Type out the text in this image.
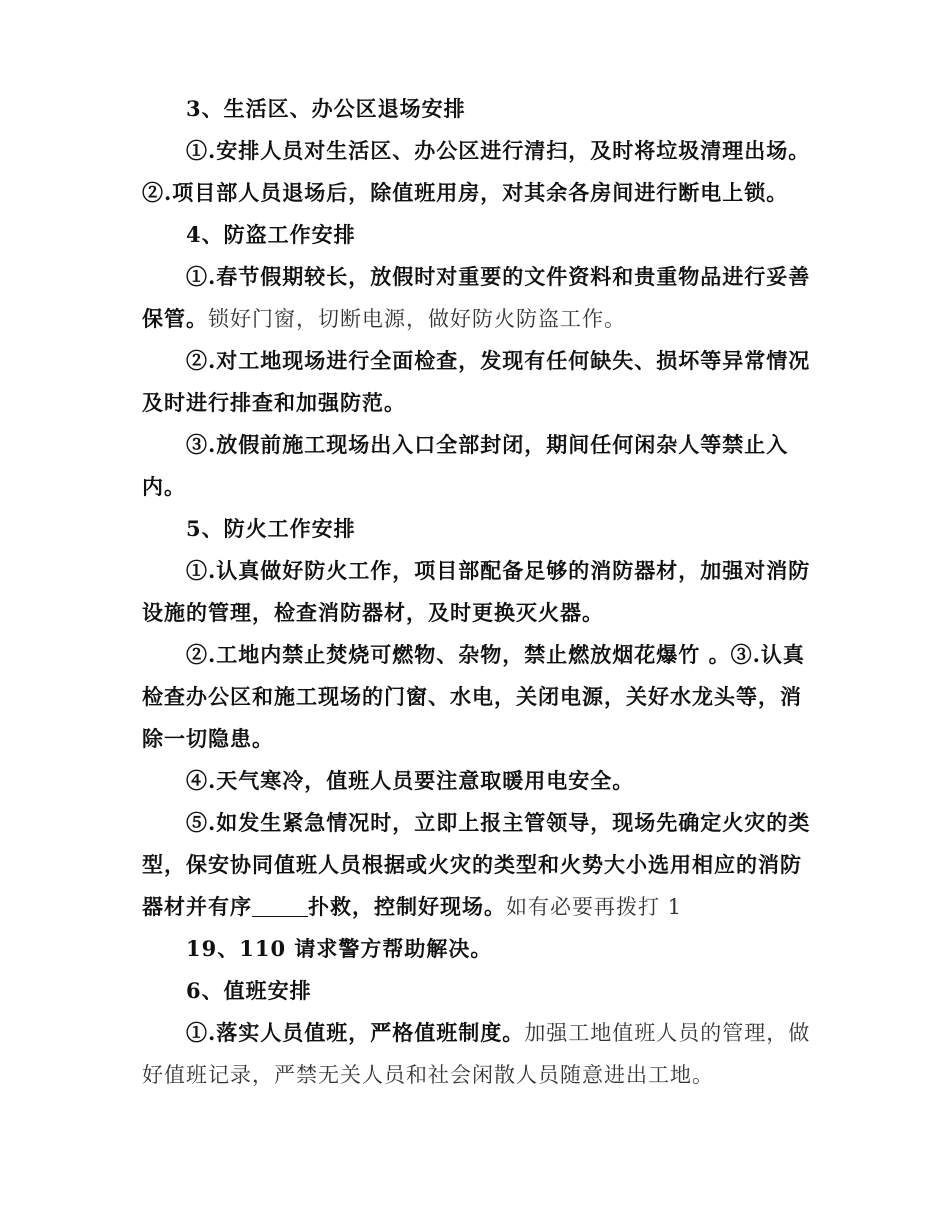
3、生活区、办公区退场安排
①.安排人员对生活区、办公区进行清扫，及时将垃圾清理出场。
②.项目部人员退场后，除值班用房，对其余各房间进行断电上锁。
4、防盗工作安排
①.春节假期较长，放假时对重要的文件资料和贵重物品进行妥善
保管。锁好门窗，切断电源，做好防火防盗工作。
②.对工地现场进行全面检查，发现有任何缺失、损坏等异常情况
及时进行排查和加强防范。
③.放假前施工现场出入口全部封闭，期间任何闲杂人等禁止入
内。
5、防火工作安排
①.认真做好防火工作，项目部配备足够的消防器材，加强对消防
设施的管理，检查消防器材，及时更换灭火器。
②.工地内禁止焚烧可燃物、杂物，禁止燃放烟花爆竹 。③.认真
检查办公区和施工现场的门窗、水电，关闭电源，关好水龙头等，消
除一切隐患。
④.天气寒冷，值班人员要注意取暖用电安全。
⑤.如发生紧急情况时，立即上报主管领导，现场先确定火灾的类
型，保安协同值班人员根据或火灾的类型和火势大小选用相应的消防
器材并有序	扑救，控制好现场。如有必要再拨打 1
19、110 请求警方帮助解决。
6、值班安排
①.落实人员值班，严格值班制度。加强工地值班人员的管理，做
好值班记录，严禁无关人员和社会闲散人员随意进出工地。
